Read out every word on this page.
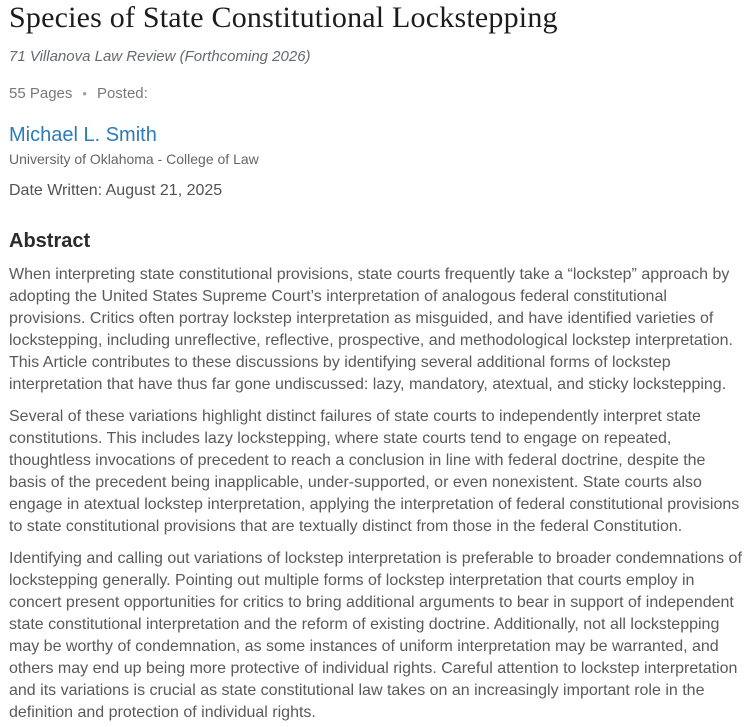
Species of State Constitutional Lockstepping

71 Villanova Law Review (Forthcoming 2026)

55 Pages • Posted:
Michael L. Smith

University of Oklahoma - College of Law

Date Written: August 21, 2025

Abstract

When interpreting state constitutional provisions, state courts frequently take a “lockstep” approach by adopting the United States Supreme Court’s interpretation of analogous federal constitutional provisions. Critics often portray lockstep interpretation as misguided, and have identified varieties of lockstepping, including unreflective, reflective, prospective, and methodological lockstep interpretation. This Article contributes to these discussions by identifying several additional forms of lockstep interpretation that have thus far gone undiscussed: lazy, mandatory, atextual, and sticky lockstepping.

Several of these variations highlight distinct failures of state courts to independently interpret state constitutions. This includes lazy lockstepping, where state courts tend to engage on repeated, thoughtless invocations of precedent to reach a conclusion in line with federal doctrine, despite the basis of the precedent being inapplicable, under-supported, or even nonexistent. State courts also engage in atextual lockstep interpretation, applying the interpretation of federal constitutional provisions to state constitutional provisions that are textually distinct from those in the federal Constitution.

Identifying and calling out variations of lockstep interpretation is preferable to broader condemnations of lockstepping generally. Pointing out multiple forms of lockstep interpretation that courts employ in concert present opportunities for critics to bring additional arguments to bear in support of independent state constitutional interpretation and the reform of existing doctrine. Additionally, not all lockstepping may be worthy of condemnation, as some instances of uniform interpretation may be warranted, and others may end up being more protective of individual rights. Careful attention to lockstep interpretation and its variations is crucial as state constitutional law takes on an increasingly important role in the definition and protection of individual rights.
